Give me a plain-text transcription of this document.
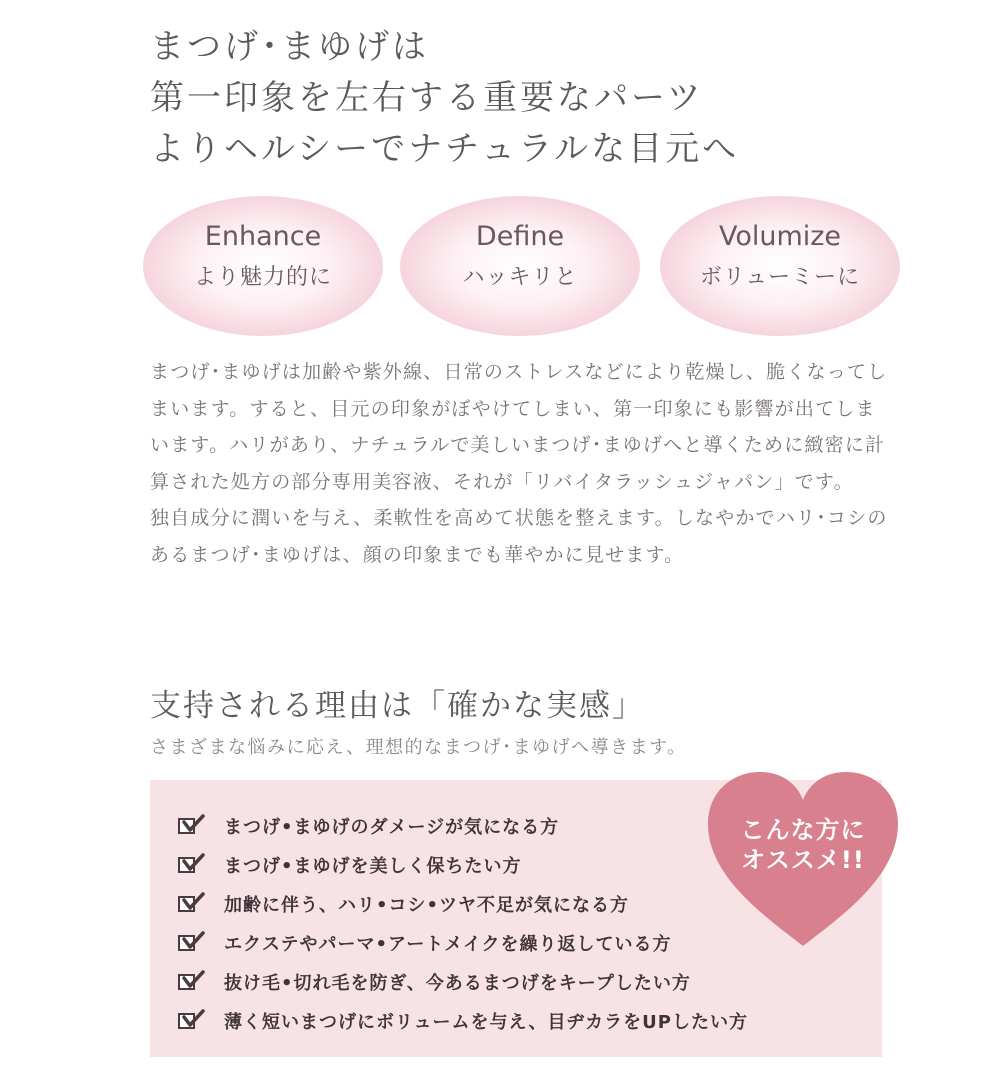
まつげ･まゆげは
第一印象を左右する重要なパーツ
よりヘルシーでナチュラルな目元へ
Enhance
より魅力的に
Define
ハッキリと
Volumize
ボリューミーに

まつげ･まゆげは加齢や紫外線、日常のストレスなどにより乾燥し、脆くなってしまいます。すると、目元の印象がぼやけてしまい、第一印象にも影響が出てしまいます。ハリがあり、ナチュラルで美しいまつげ･まゆげへと導くために緻密に計算された処方の部分専用美容液、それが「リバイタラッシュジャパン」です。

独自成分に潤いを与え、柔軟性を高めて状態を整えます。しなやかでハリ･コシのあるまつげ･まゆげは、顔の印象までも華やかに見せます。

支持される理由は「確かな実感」
さまざまな悩みに応え、理想的なまつげ･まゆげへ導きます。
まつげ•まゆげのダメージが気になる方
まつげ•まゆげを美しく保ちたい方
加齢に伴う、ハリ•コシ•ツヤ不足が気になる方
エクステやパーマ•アートメイクを繰り返している方
抜け毛•切れ毛を防ぎ、今あるまつげをキープしたい方
薄く短いまつげにボリュームを与え、目ヂカラをUPしたい方
こんな方に
オススメ!!
